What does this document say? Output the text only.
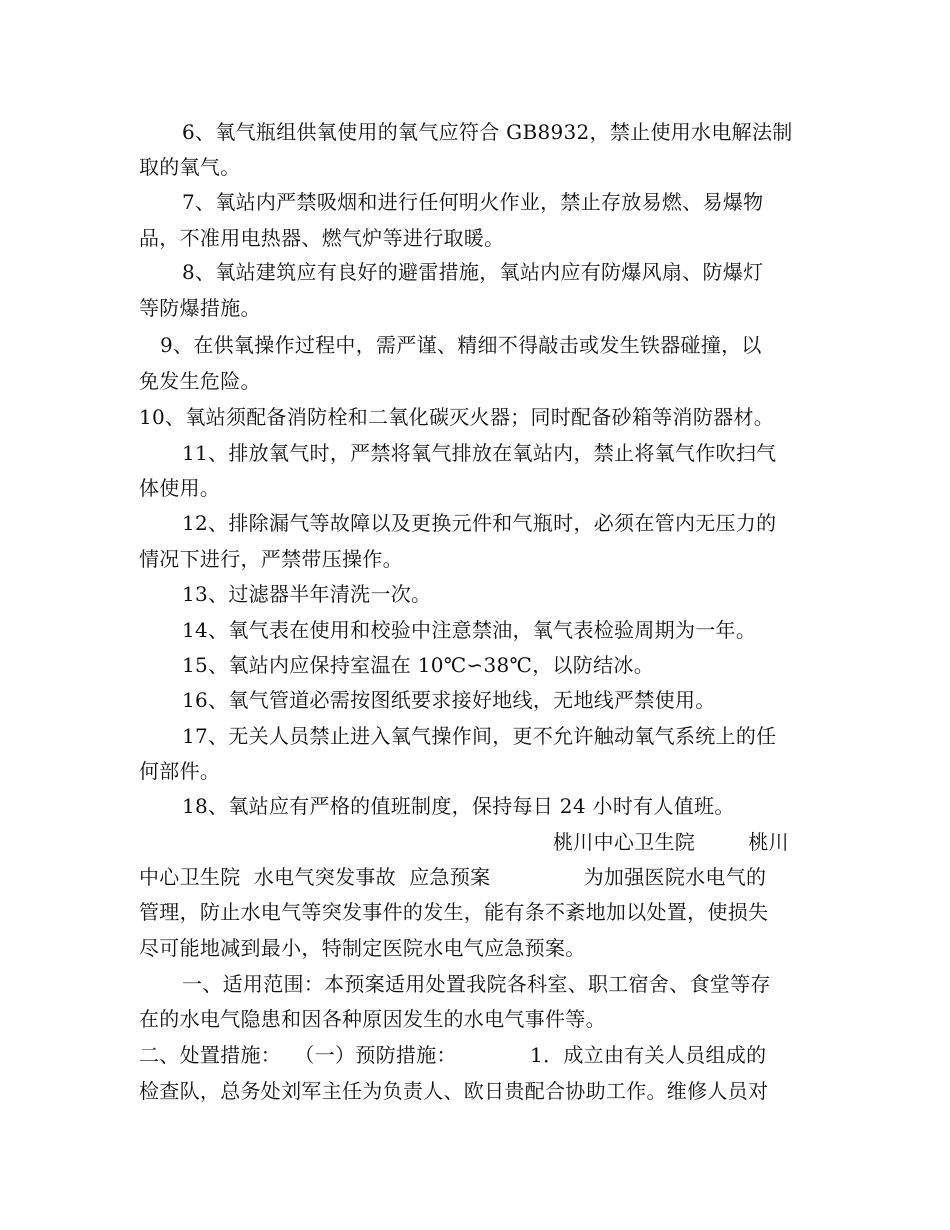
6、氧气瓶组供氧使用的氧气应符合 GB8932，禁止使用水电解法制
取的氧气。
7、氧站内严禁吸烟和进行任何明火作业，禁止存放易燃、易爆物
品，不准用电热器、燃气炉等进行取暖。
8、氧站建筑应有良好的避雷措施，氧站内应有防爆风扇、防爆灯
等防爆措施。
9、在供氧操作过程中，需严谨、精细不得敲击或发生铁器碰撞，以
免发生危险。
10、氧站须配备消防栓和二氧化碳灭火器；同时配备砂箱等消防器材。
11、排放氧气时，严禁将氧气排放在氧站内，禁止将氧气作吹扫气
体使用。
12、排除漏气等故障以及更换元件和气瓶时，必须在管内无压力的
情况下进行，严禁带压操作。
13、过滤器半年清洗一次。
14、氧气表在使用和校验中注意禁油，氧气表检验周期为一年。
15、氧站内应保持室温在 10℃∽38℃，以防结冰。
16、氧气管道必需按图纸要求接好地线，无地线严禁使用。
17、无关人员禁止进入氧气操作间，更不允许触动氧气系统上的任
何部件。
18、氧站应有严格的值班制度，保持每日 24 小时有人值班。
桃川中心卫生院        桃川
中心卫生院  水电气突发事故  应急预案              为加强医院水电气的
管理，防止水电气等突发事件的发生，能有条不紊地加以处置，使损失
尽可能地减到最小，特制定医院水电气应急预案。
一、适用范围：本预案适用处置我院各科室、职工宿舍、食堂等存
在的水电气隐患和因各种原因发生的水电气事件等。
二、处置措施：  （一）预防措施：           1．成立由有关人员组成的
检查队，总务处刘军主任为负责人、欧日贵配合协助工作。维修人员对
